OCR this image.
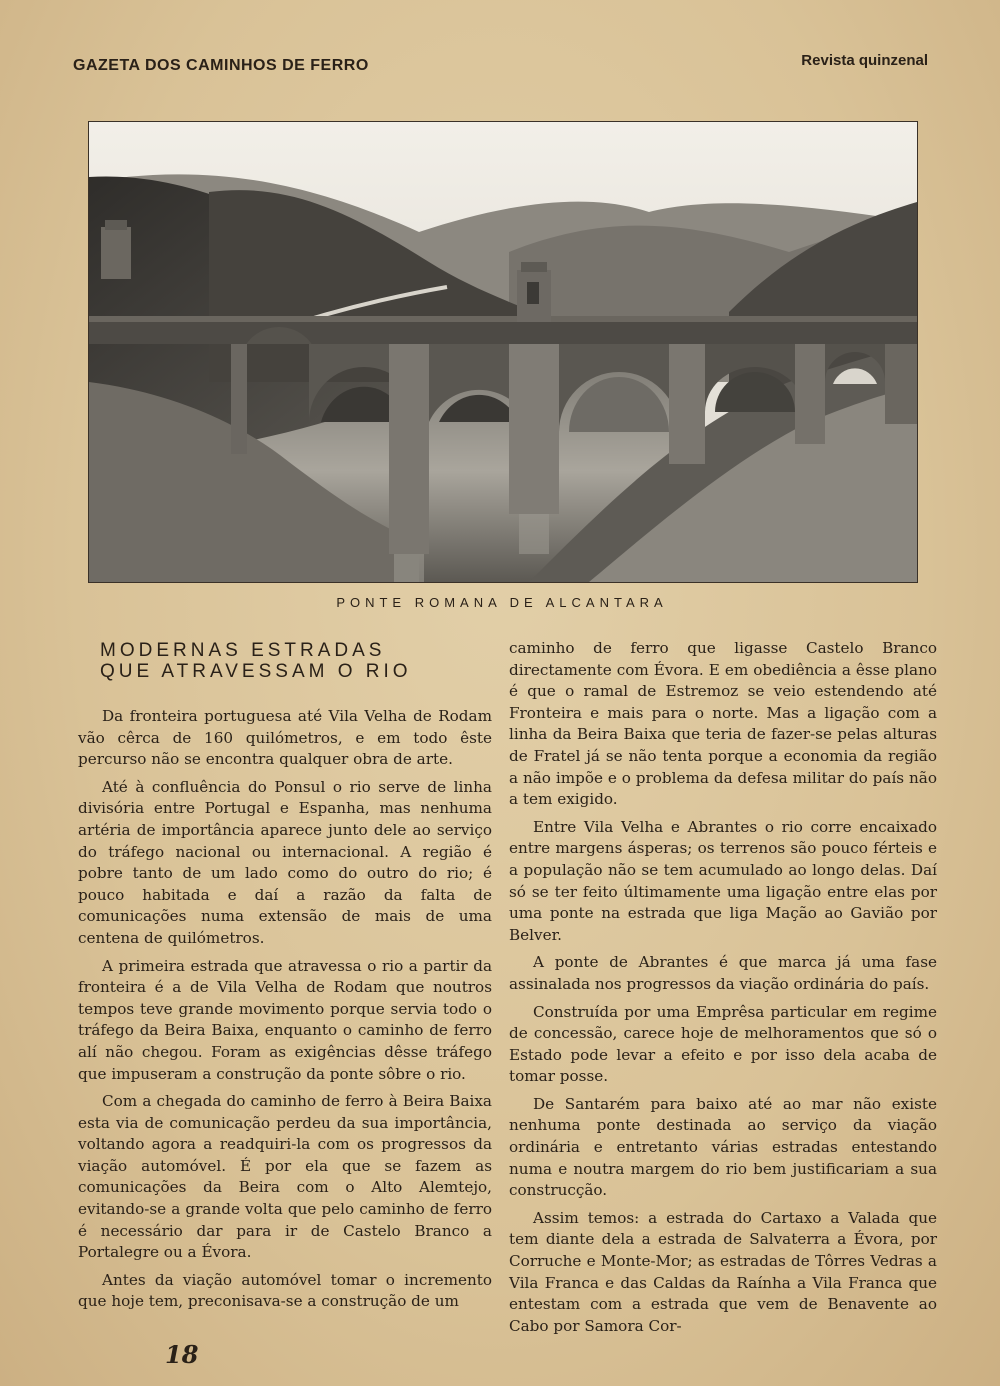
GAZETA DOS CAMINHOS DE FERRO	Revista quinzenal
PONTE ROMANA DE ALCANTARA
MODERNAS ESTRADAS
QUE ATRAVESSAM O RIO

Da fronteira portuguesa até Vila Velha de Rodam vão cêrca de 160 quilómetros, e em todo êste percurso não se encontra qualquer obra de arte.

Até à confluência do Ponsul o rio serve de linha divisória entre Portugal e Espanha, mas nenhuma artéria de importância aparece junto dele ao serviço do tráfego nacional ou internacional. A região é pobre tanto de um lado como do outro do rio; é pouco habitada e daí a razão da falta de comunicações numa extensão de mais de uma centena de quilómetros.

A primeira estrada que atravessa o rio a partir da fronteira é a de Vila Velha de Rodam que noutros tempos teve grande movimento porque servia todo o tráfego da Beira Baixa, enquanto o caminho de ferro alí não chegou. Foram as exigências dêsse tráfego que impuseram a construção da ponte sôbre o rio.

Com a chegada do caminho de ferro à Beira Baixa esta via de comunicação perdeu da sua importância, voltando agora a readquiri-la com os progressos da viação automóvel. É por ela que se fazem as comunicações da Beira com o Alto Alemtejo, evitando-se a grande volta que pelo caminho de ferro é necessário dar para ir de Castelo Branco a Portalegre ou a Évora.

Antes da viação automóvel tomar o incremento que hoje tem, preconisava-se a construção de um

caminho de ferro que ligasse Castelo Branco directamente com Évora. E em obediência a êsse plano é que o ramal de Estremoz se veio estendendo até Fronteira e mais para o norte. Mas a ligação com a linha da Beira Baixa que teria de fazer-se pelas alturas de Fratel já se não tenta porque a economia da região a não impõe e o problema da defesa militar do país não a tem exigido.

Entre Vila Velha e Abrantes o rio corre encaixado entre margens ásperas; os terrenos são pouco férteis e a população não se tem acumulado ao longo delas. Daí só se ter feito últimamente uma ligação entre elas por uma ponte na estrada que liga Mação ao Gavião por Belver.

A ponte de Abrantes é que marca já uma fase assinalada nos progressos da viação ordinária do país.

Construída por uma Emprêsa particular em regime de concessão, carece hoje de melhoramentos que só o Estado pode levar a efeito e por isso dela acaba de tomar posse.

De Santarém para baixo até ao mar não existe nenhuma ponte destinada ao serviço da viação ordinária e entretanto várias estradas entestando numa e noutra margem do rio bem justificariam a sua construcção.

Assim temos: a estrada do Cartaxo a Valada que tem diante dela a estrada de Salvaterra a Évora, por Corruche e Monte-Mor; as estradas de Tôrres Vedras a Vila Franca e das Caldas da Raínha a Vila Franca que entestam com a estrada que vem de Benavente ao Cabo por Samora Cor-

18
